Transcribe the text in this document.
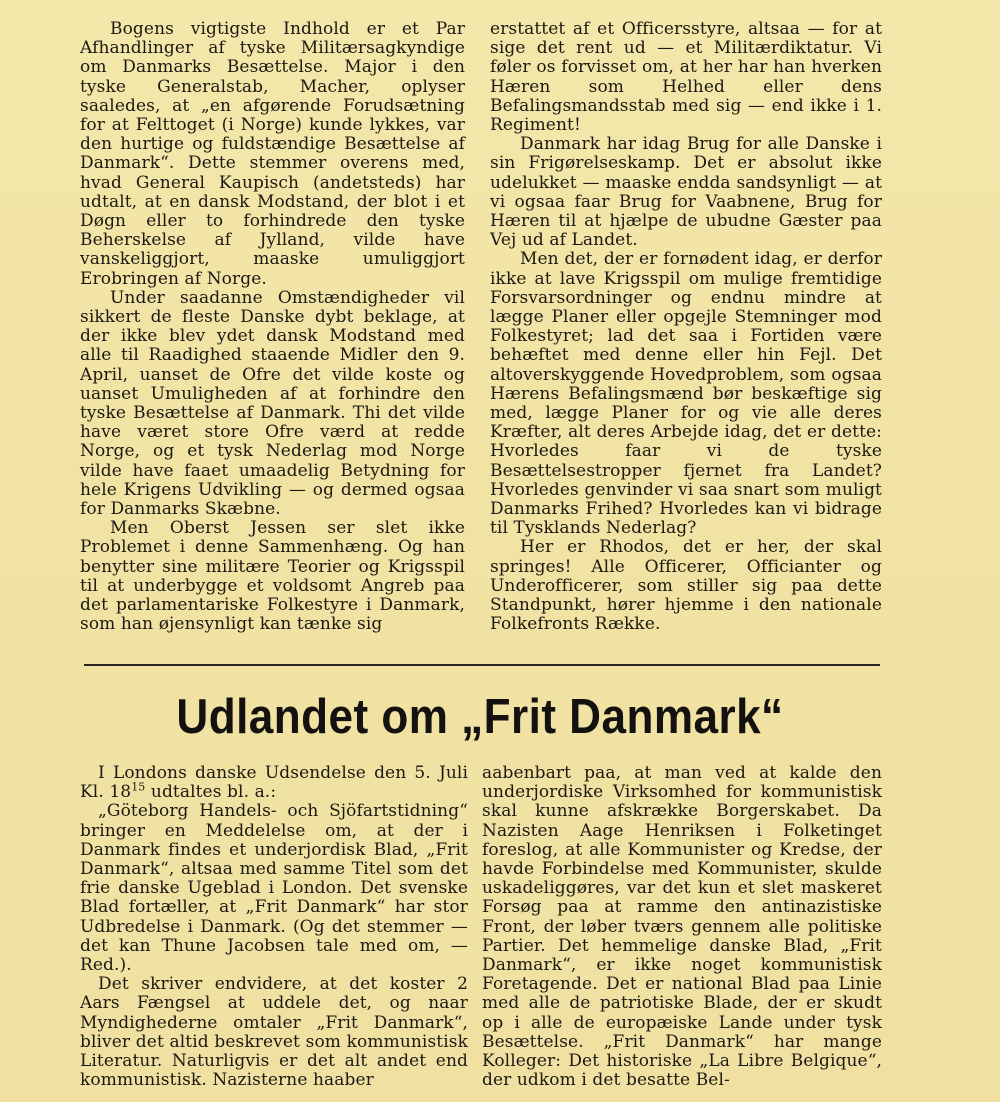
Bogens vigtigste Indhold er et Par Afhandlinger af tyske Militærsagkyndige om Danmarks Besættelse. Major i den tyske Generalstab, Macher, oplyser saaledes, at „en afgørende Forudsætning for at Felttoget (i Norge) kunde lykkes, var den hurtige og fuldstændige Besættelse af Danmark“. Dette stemmer overens med, hvad General Kaupisch (andetsteds) har udtalt, at en dansk Modstand, der blot i et Døgn eller to forhindrede den tyske Beherskelse af Jylland, vilde have vanskeliggjort, maaske umuliggjort Erobringen af Norge.

Under saadanne Omstændigheder vil sikkert de fleste Danske dybt beklage, at der ikke blev ydet dansk Modstand med alle til Raadighed staaende Midler den 9. April, uanset de Ofre det vilde koste og uanset Umuligheden af at forhindre den tyske Besættelse af Danmark. Thi det vilde have været store Ofre værd at redde Norge, og et tysk Nederlag mod Norge vilde have faaet umaadelig Betydning for hele Krigens Udvikling — og dermed ogsaa for Danmarks Skæbne.

Men Oberst Jessen ser slet ikke Problemet i denne Sammenhæng. Og han benytter sine militære Teorier og Krigsspil til at underbygge et voldsomt Angreb paa det parlamentariske Folkestyre i Danmark, som han øjensynligt kan tænke sig

erstattet af et Officersstyre, altsaa — for at sige det rent ud — et Militærdiktatur. Vi føler os forvisset om, at her har han hverken Hæren som Helhed eller dens Befalingsmandsstab med sig — end ikke i 1. Regiment!

Danmark har idag Brug for alle Danske i sin Frigørelseskamp. Det er absolut ikke udelukket — maaske endda sandsynligt — at vi ogsaa faar Brug for Vaabnene, Brug for Hæren til at hjælpe de ubudne Gæster paa Vej ud af Landet.

Men det, der er fornødent idag, er derfor ikke at lave Krigsspil om mulige fremtidige Forsvarsordninger og endnu mindre at lægge Planer eller opgejle Stemninger mod Folkestyret; lad det saa i Fortiden være behæftet med denne eller hin Fejl. Det altoverskyggende Hovedproblem, som ogsaa Hærens Befalingsmænd bør beskæftige sig med, lægge Planer for og vie alle deres Kræfter, alt deres Arbejde idag, det er dette: Hvorledes faar vi de tyske Besættelsestropper fjernet fra Landet? Hvorledes genvinder vi saa snart som muligt Danmarks Frihed? Hvorledes kan vi bidrage til Tysklands Nederlag?

Her er Rhodos, det er her, der skal springes! Alle Officerer, Officianter og Underofficerer, som stiller sig paa dette Standpunkt, hører hjemme i den nationale Folkefronts Række.

Udlandet om „Frit Danmark“

I Londons danske Udsendelse den 5. Juli Kl. $18^{15}$ udtaltes bl. a.:

„Göteborg Handels- och Sjöfartstidning“ bringer en Meddelelse om, at der i Danmark findes et underjordisk Blad, „Frit Danmark“, altsaa med samme Titel som det frie danske Ugeblad i London. Det svenske Blad fortæller, at „Frit Danmark“ har stor Udbredelse i Danmark. (Og det stemmer — det kan Thune Jacobsen tale med om, — Red.).

Det skriver endvidere, at det koster 2 Aars Fængsel at uddele det, og naar Myndighederne omtaler „Frit Danmark“, bliver det altid beskrevet som kommunistisk Literatur. Naturligvis er det alt andet end kommunistisk. Nazisterne haaber

aabenbart paa, at man ved at kalde den underjordiske Virksomhed for kommunistisk skal kunne afskrække Borgerskabet. Da Nazisten Aage Henriksen i Folketinget foreslog, at alle Kommunister og Kredse, der havde Forbindelse med Kommunister, skulde uskadeliggøres, var det kun et slet maskeret Forsøg paa at ramme den antinazistiske Front, der løber tværs gennem alle politiske Partier. Det hemmelige danske Blad, „Frit Danmark“, er ikke noget kommunistisk Foretagende. Det er national Blad paa Linie med alle de patriotiske Blade, der er skudt op i alle de europæiske Lande under tysk Besættelse. „Frit Danmark“ har mange Kolleger: Det historiske „La Libre Belgique“, der udkom i det besatte Bel-
